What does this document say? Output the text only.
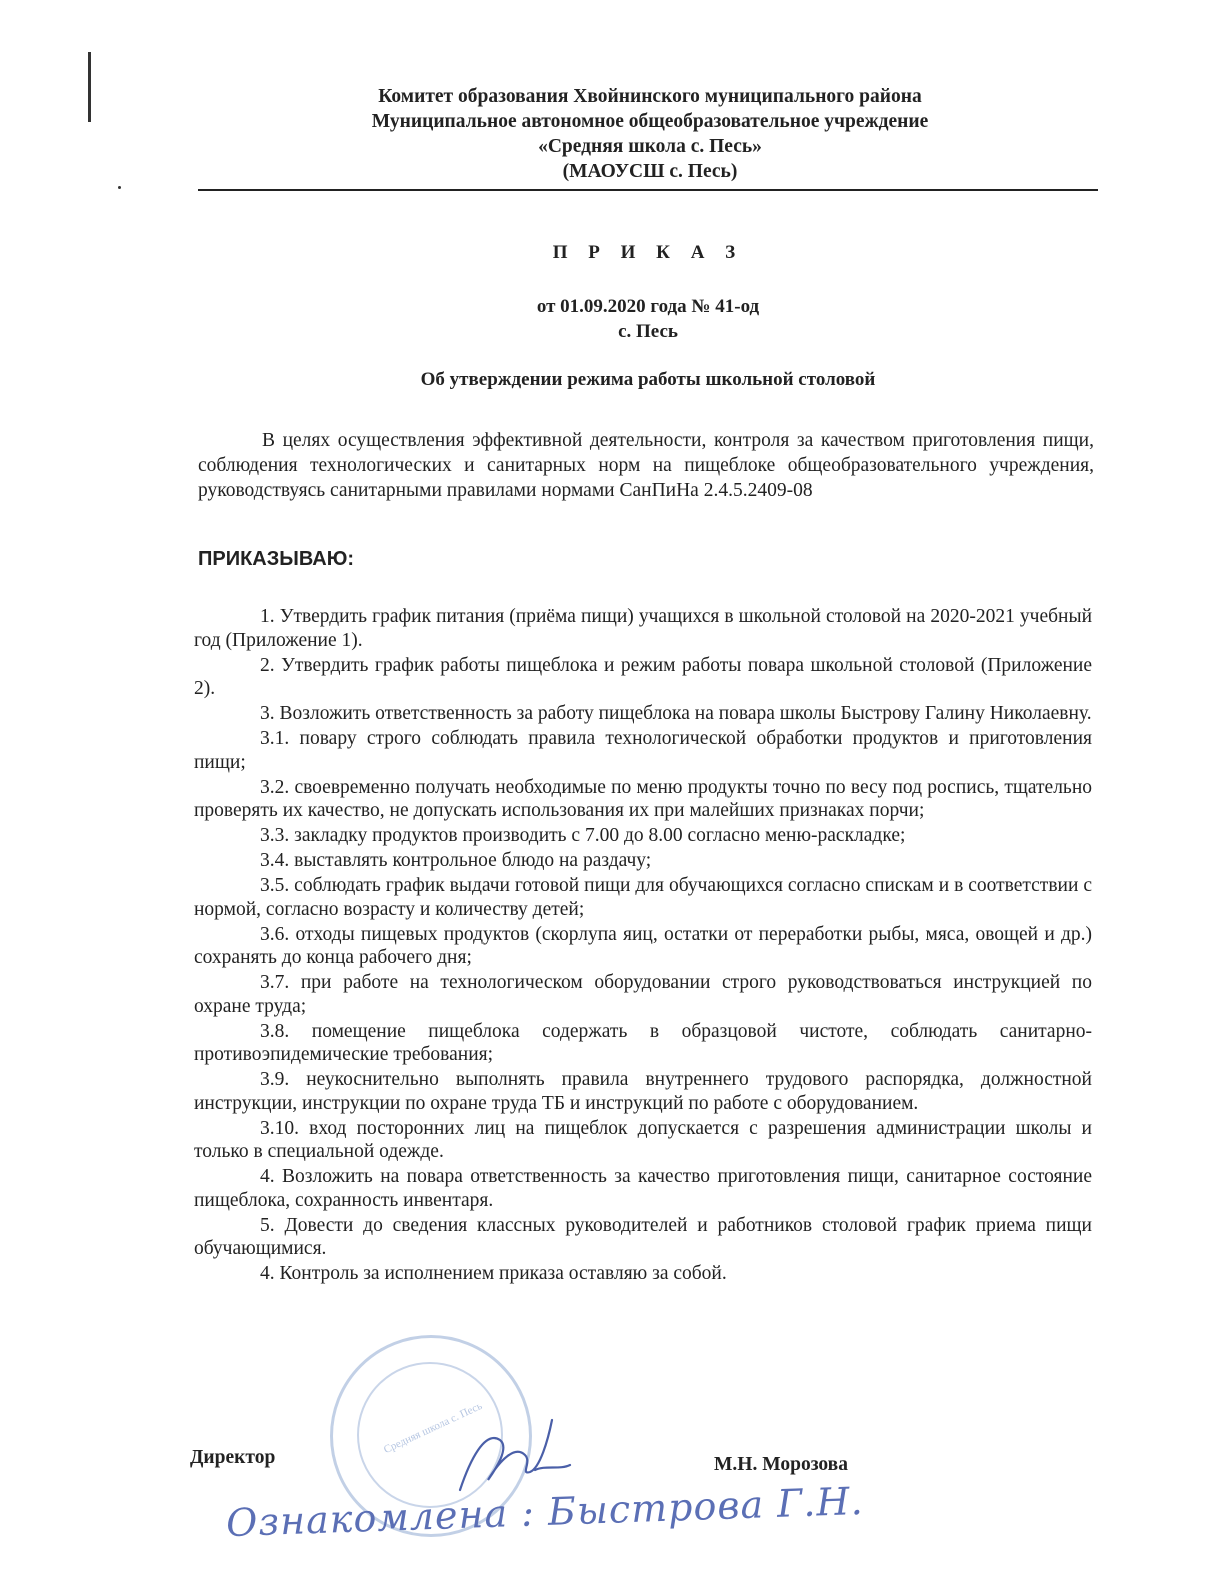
Комитет образования Хвойнинского муниципального района
Муниципальное автономное общеобразовательное учреждение
«Средняя школа с. Песь»
(МАОУСШ с. Песь)
П Р И К А З
от 01.09.2020 года № 41-од
с. Песь
Об утверждении режима работы школьной столовой
В целях осуществления эффективной деятельности, контроля за качеством приготовления пищи, соблюдения технологических и санитарных норм на пищеблоке общеобразовательного учреждения, руководствуясь санитарными правилами нормами СанПиНа 2.4.5.2409-08
ПРИКАЗЫВАЮ:

1. Утвердить график питания (приёма пищи) учащихся в школьной столовой на 2020-2021 учебный год (Приложение 1).

2. Утвердить график работы пищеблока и режим работы повара школьной столовой (Приложение 2).

3. Возложить ответственность за работу пищеблока на повара школы Быстрову Галину Николаевну.

3.1. повару строго соблюдать правила технологической обработки продуктов и приготовления пищи;

3.2. своевременно получать необходимые по меню продукты точно по весу под роспись, тщательно проверять их качество, не допускать использования их при малейших признаках порчи;

3.3. закладку продуктов производить с 7.00 до 8.00 согласно меню-раскладке;

3.4. выставлять контрольное блюдо на раздачу;

3.5. соблюдать график выдачи готовой пищи для обучающихся согласно спискам и в соответствии с нормой, согласно возрасту и количеству детей;

3.6. отходы пищевых продуктов (скорлупа яиц, остатки от переработки рыбы, мяса, овощей и др.) сохранять до конца рабочего дня;

3.7. при работе на технологическом оборудовании строго руководствоваться инструкцией по охране труда;

3.8. помещение пищеблока содержать в образцовой чистоте, соблюдать санитарно-противоэпидемические требования;

3.9. неукоснительно выполнять правила внутреннего трудового распорядка, должностной инструкции, инструкции по охране труда ТБ и инструкций по работе с оборудованием.

3.10. вход посторонних лиц на пищеблок допускается с разрешения администрации школы и только в специальной одежде.

4. Возложить на повара ответственность за качество приготовления пищи, санитарное состояние пищеблока, сохранность инвентаря.

5. Довести до сведения классных руководителей и работников столовой график приема пищи обучающимися.

4. Контроль за исполнением приказа оставляю за собой.

Средняя школа с. Песь
Директор	М.Н. Морозова
Ознакомлена : Быстрова Г.Н.
